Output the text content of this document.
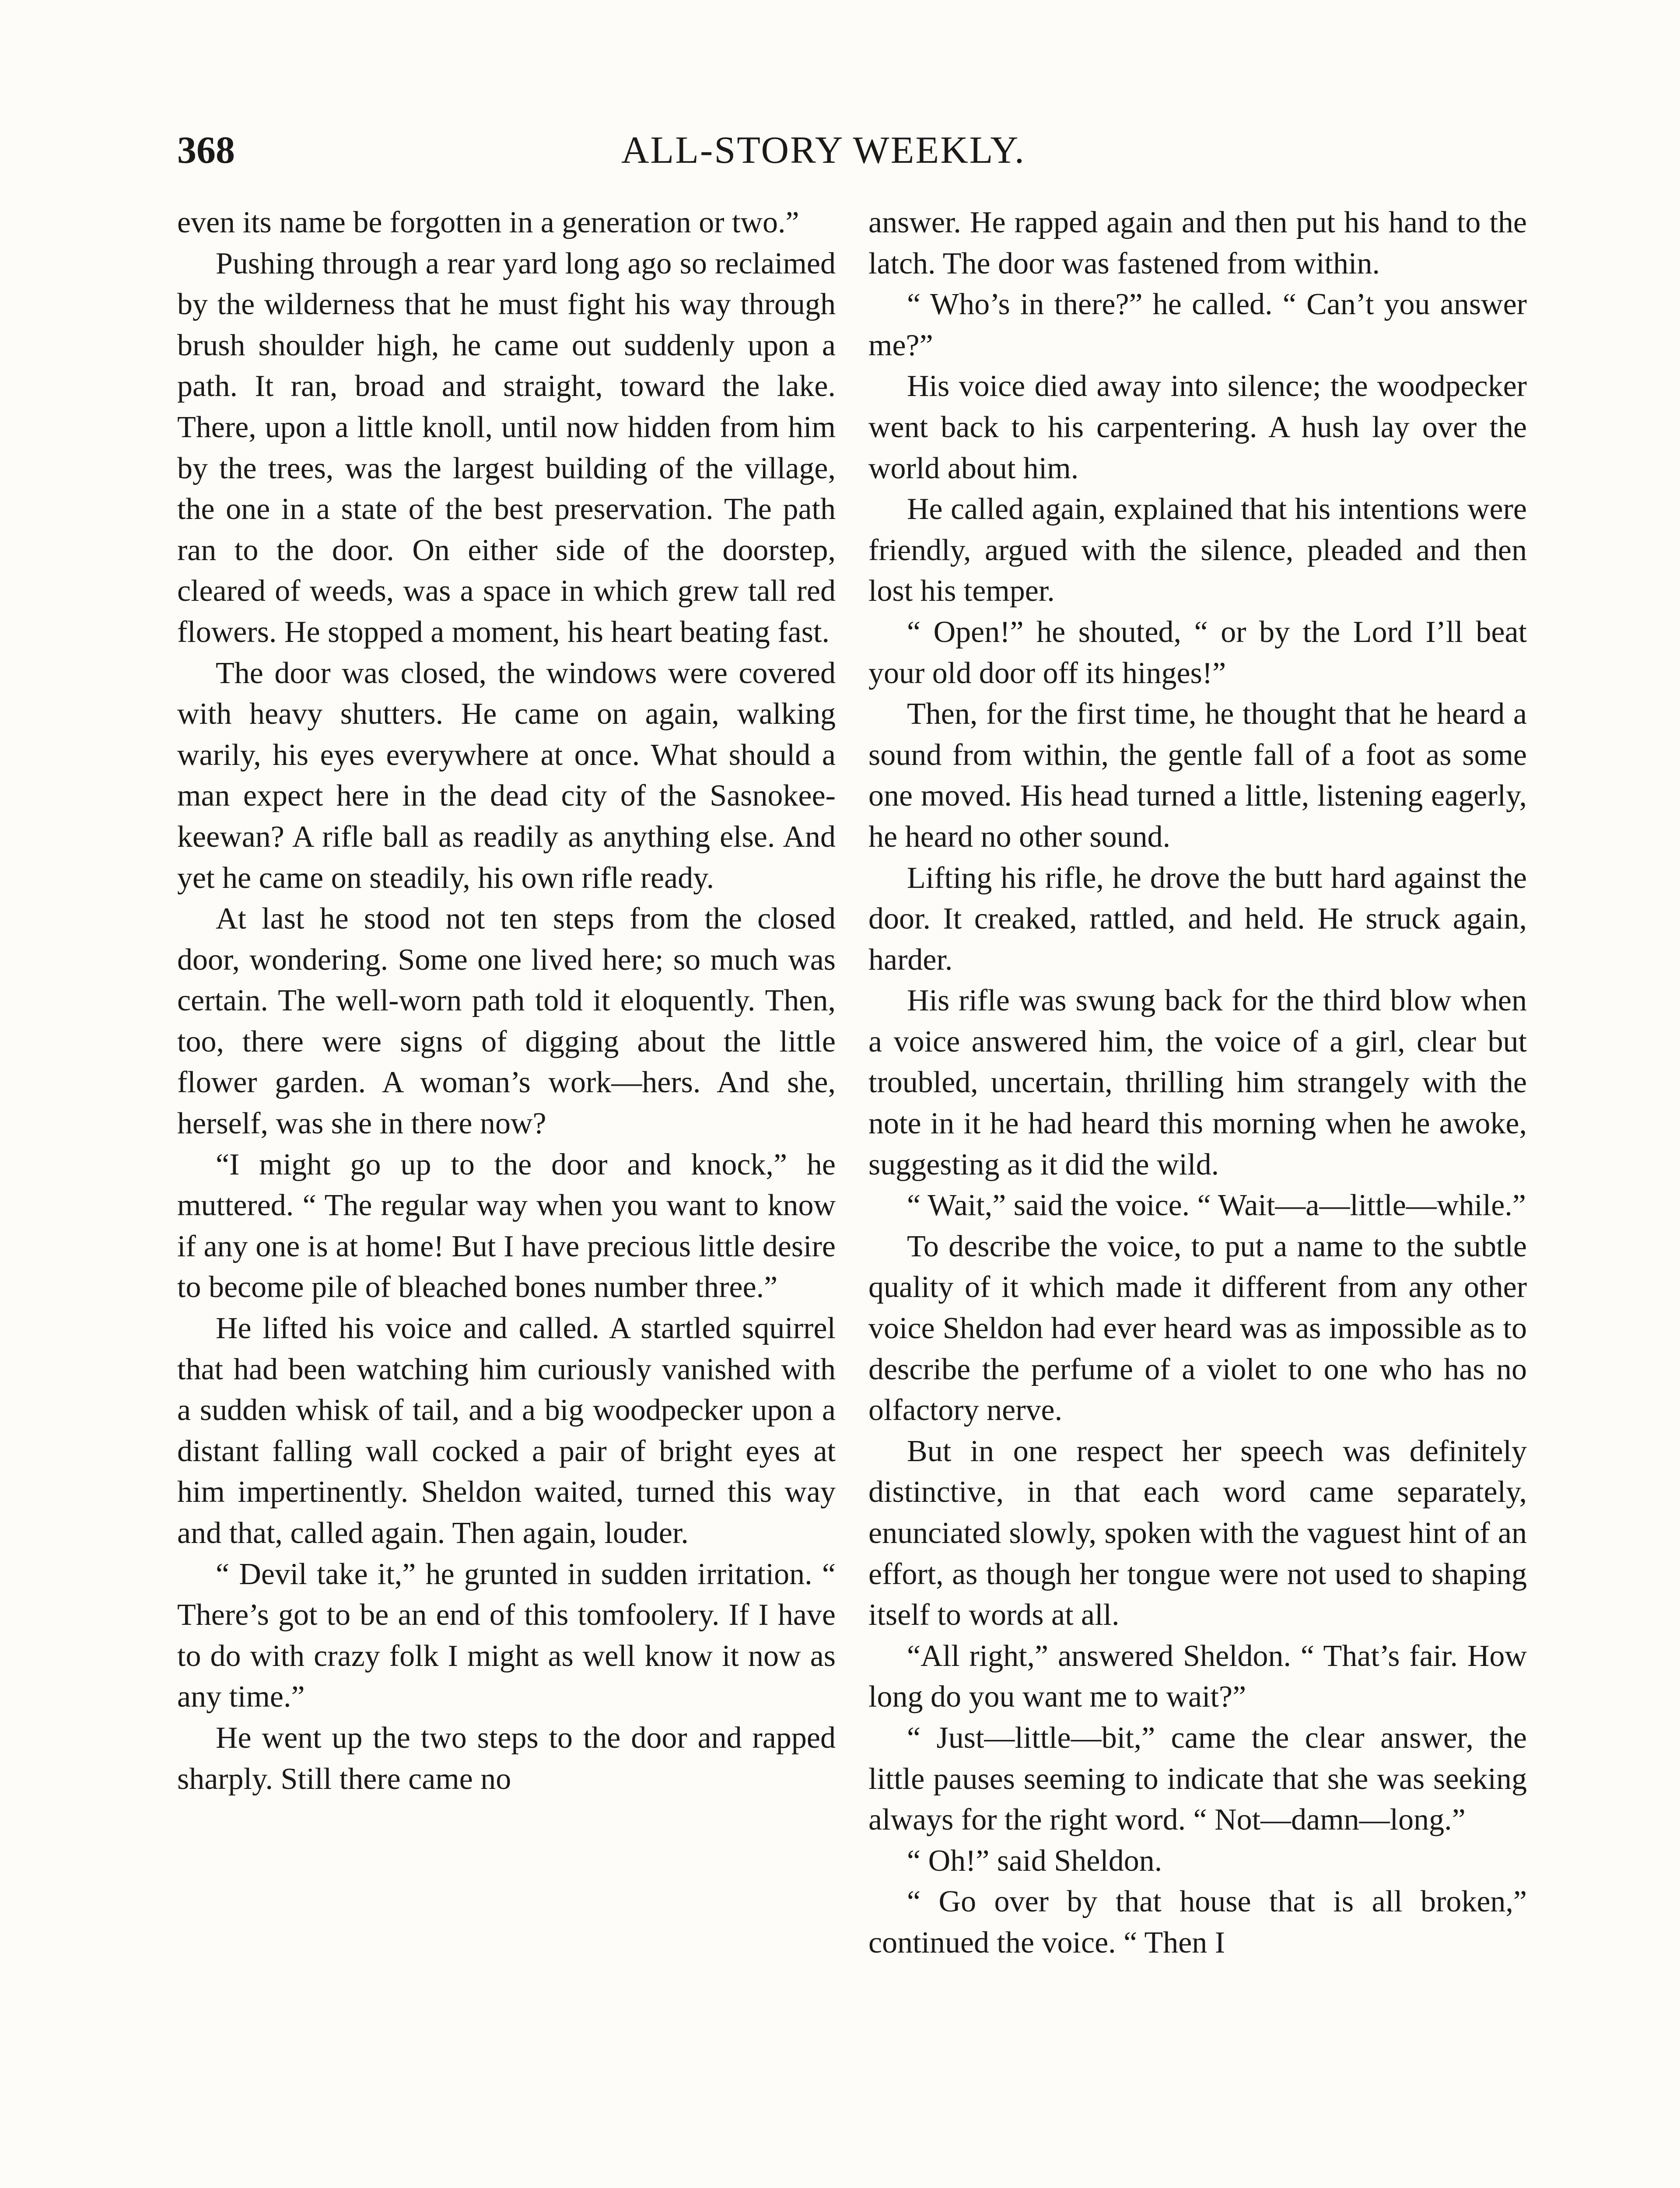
368	ALL-STORY WEEKLY.

even its name be forgotten in a generation or two.”

Pushing through a rear yard long ago so reclaimed by the wilderness that he must fight his way through brush shoulder high, he came out suddenly upon a path. It ran, broad and straight, toward the lake. There, upon a little knoll, until now hidden from him by the trees, was the largest building of the village, the one in a state of the best preservation. The path ran to the door. On either side of the doorstep, cleared of weeds, was a space in which grew tall red flowers. He stopped a moment, his heart beating fast.

The door was closed, the windows were covered with heavy shutters. He came on again, walking warily, his eyes everywhere at once. What should a man expect here in the dead city of the Sasnokee-keewan? A rifle ball as readily as anything else. And yet he came on steadily, his own rifle ready.

At last he stood not ten steps from the closed door, wondering. Some one lived here; so much was certain. The well-worn path told it eloquently. Then, too, there were signs of digging about the little flower garden. A woman’s work—hers. And she, herself, was she in there now?

“I might go up to the door and knock,” he muttered. “ The regular way when you want to know if any one is at home! But I have precious little desire to become pile of bleached bones number three.”

He lifted his voice and called. A startled squirrel that had been watching him curiously vanished with a sudden whisk of tail, and a big woodpecker upon a distant falling wall cocked a pair of bright eyes at him impertinently. Sheldon waited, turned this way and that, called again. Then again, louder.

“ Devil take it,” he grunted in sudden irritation. “ There’s got to be an end of this tomfoolery. If I have to do with crazy folk I might as well know it now as any time.”

He went up the two steps to the door and rapped sharply. Still there came no

answer. He rapped again and then put his hand to the latch. The door was fastened from within.

“ Who’s in there?” he called. “ Can’t you answer me?”

His voice died away into silence; the woodpecker went back to his carpentering. A hush lay over the world about him.

He called again, explained that his intentions were friendly, argued with the silence, pleaded and then lost his temper.

“ Open!” he shouted, “ or by the Lord I’ll beat your old door off its hinges!”

Then, for the first time, he thought that he heard a sound from within, the gentle fall of a foot as some one moved. His head turned a little, listening eagerly, he heard no other sound.

Lifting his rifle, he drove the butt hard against the door. It creaked, rattled, and held. He struck again, harder.

His rifle was swung back for the third blow when a voice answered him, the voice of a girl, clear but troubled, uncertain, thrilling him strangely with the note in it he had heard this morning when he awoke, suggesting as it did the wild.

“ Wait,” said the voice. “ Wait—a—little—while.”

To describe the voice, to put a name to the subtle quality of it which made it different from any other voice Sheldon had ever heard was as impossible as to describe the perfume of a violet to one who has no olfactory nerve.

But in one respect her speech was definitely distinctive, in that each word came separately, enunciated slowly, spoken with the vaguest hint of an effort, as though her tongue were not used to shaping itself to words at all.

“All right,” answered Sheldon. “ That’s fair. How long do you want me to wait?”

“ Just—little—bit,” came the clear answer, the little pauses seeming to indicate that she was seeking always for the right word. “ Not—damn—long.”

“ Oh!” said Sheldon.

“ Go over by that house that is all broken,” continued the voice. “ Then I
